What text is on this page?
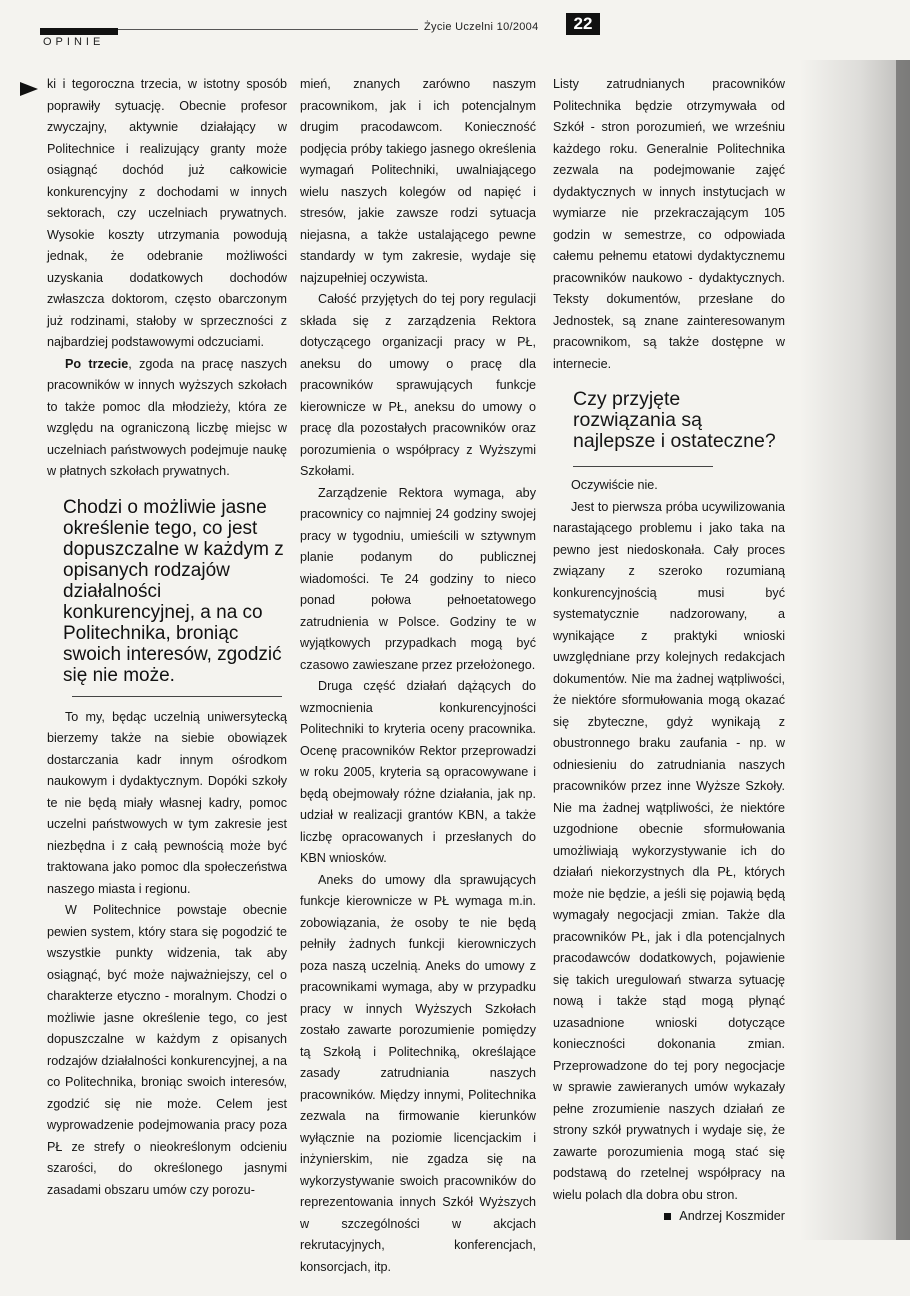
OPINIE
Życie Uczelni 10/2004	22

ki i tegoroczna trzecia, w istotny sposób poprawiły sytuację. Obecnie profesor zwyczajny, aktywnie działający w Politechnice i realizujący granty może osiągnąć dochód już całkowicie konkurencyjny z dochodami w innych sektorach, czy uczelniach prywatnych. Wysokie koszty utrzymania powodują jednak, że odebranie możliwości uzyskania dodatkowych dochodów zwłaszcza doktorom, często obarczonym już rodzinami, stałoby w sprzeczności z najbardziej podstawowymi odczuciami.

Po trzecie, zgoda na pracę naszych pracowników w innych wyższych szkołach to także pomoc dla młodzieży, która ze względu na ograniczoną liczbę miejsc w uczelniach państwowych podejmuje naukę w płatnych szkołach prywatnych.

Chodzi o możliwie jasne określenie tego, co jest dopuszczalne w każdym z opisanych rodzajów działalności konkurencyjnej, a na co Politechnika, broniąc swoich interesów, zgodzić się nie może.

To my, będąc uczelnią uniwersytecką bierzemy także na siebie obowiązek dostarczania kadr innym ośrodkom naukowym i dydaktycznym. Dopóki szkoły te nie będą miały własnej kadry, pomoc uczelni państwowych w tym zakresie jest niezbędna i z całą pewnością może być traktowana jako pomoc dla społeczeństwa naszego miasta i regionu.

W Politechnice powstaje obecnie pewien system, który stara się pogodzić te wszystkie punkty widzenia, tak aby osiągnąć, być może najważniejszy, cel o charakterze etyczno - moralnym. Chodzi o możliwie jasne określenie tego, co jest dopuszczalne w każdym z opisanych rodzajów działalności konkurencyjnej, a na co Politechnika, broniąc swoich interesów, zgodzić się nie może. Celem jest wyprowadzenie podejmowania pracy poza PŁ ze strefy o nieokreślonym odcieniu szarości, do określonego jasnymi zasadami obszaru umów czy porozu-

mień, znanych zarówno naszym pracownikom, jak i ich potencjalnym drugim pracodawcom. Konieczność podjęcia próby takiego jasnego określenia wymagań Politechniki, uwalniającego wielu naszych kolegów od napięć i stresów, jakie zawsze rodzi sytuacja niejasna, a także ustalającego pewne standardy w tym zakresie, wydaje się najzupełniej oczywista.

Całość przyjętych do tej pory regulacji składa się z zarządzenia Rektora dotyczącego organizacji pracy w PŁ, aneksu do umowy o pracę dla pracowników sprawujących funkcje kierownicze w PŁ, aneksu do umowy o pracę dla pozostałych pracowników oraz porozumienia o współpracy z Wyższymi Szkołami.

Zarządzenie Rektora wymaga, aby pracownicy co najmniej 24 godziny swojej pracy w tygodniu, umieścili w sztywnym planie podanym do publicznej wiadomości. Te 24 godziny to nieco ponad połowa pełnoetatowego zatrudnienia w Polsce. Godziny te w wyjątkowych przypadkach mogą być czasowo zawieszane przez przełożonego.

Druga część działań dążących do wzmocnienia konkurencyjności Politechniki to kryteria oceny pracownika. Ocenę pracowników Rektor przeprowadzi w roku 2005, kryteria są opracowywane i będą obejmowały różne działania, jak np. udział w realizacji grantów KBN, a także liczbę opracowanych i przesłanych do KBN wniosków.

Aneks do umowy dla sprawujących funkcje kierownicze w PŁ wymaga m.in. zobowiązania, że osoby te nie będą pełniły żadnych funkcji kierowniczych poza naszą uczelnią. Aneks do umowy z pracownikami wymaga, aby w przypadku pracy w innych Wyższych Szkołach zostało zawarte porozumienie pomiędzy tą Szkołą i Politechniką, określające zasady zatrudniania naszych pracowników. Między innymi, Politechnika zezwala na firmowanie kierunków wyłącznie na poziomie licencjackim i inżynierskim, nie zgadza się na wykorzystywanie swoich pracowników do reprezentowania innych Szkół Wyższych w szczególności w akcjach rekrutacyjnych, konferencjach, konsorcjach, itp.

Listy zatrudnianych pracowników Politechnika będzie otrzymywała od Szkół - stron porozumień, we wrześniu każdego roku. Generalnie Politechnika zezwala na podejmowanie zajęć dydaktycznych w innych instytucjach w wymiarze nie przekraczającym 105 godzin w semestrze, co odpowiada całemu pełnemu etatowi dydaktycznemu pracowników naukowo - dydaktycznych. Teksty dokumentów, przesłane do Jednostek, są znane zainteresowanym pracownikom, są także dostępne w internecie.

Czy przyjęte rozwiązania są najlepsze i ostateczne?

Oczywiście nie.

Jest to pierwsza próba ucywilizowania narastającego problemu i jako taka na pewno jest niedoskonała. Cały proces związany z szeroko rozumianą konkurencyjnością musi być systematycznie nadzorowany, a wynikające z praktyki wnioski uwzględniane przy kolejnych redakcjach dokumentów. Nie ma żadnej wątpliwości, że niektóre sformułowania mogą okazać się zbyteczne, gdyż wynikają z obustronnego braku zaufania - np. w odniesieniu do zatrudniania naszych pracowników przez inne Wyższe Szkoły. Nie ma żadnej wątpliwości, że niektóre uzgodnione obecnie sformułowania umożliwiają wykorzystywanie ich do działań niekorzystnych dla PŁ, których może nie będzie, a jeśli się pojawią będą wymagały negocjacji zmian. Także dla pracowników PŁ, jak i dla potencjalnych pracodawców dodatkowych, pojawienie się takich uregulowań stwarza sytuację nową i także stąd mogą płynąć uzasadnione wnioski dotyczące konieczności dokonania zmian. Przeprowadzone do tej pory negocjacje w sprawie zawieranych umów wykazały pełne zrozumienie naszych działań ze strony szkół prywatnych i wydaje się, że zawarte porozumienia mogą stać się podstawą do rzetelnej współpracy na wielu polach dla dobra obu stron.

Andrzej Koszmider
